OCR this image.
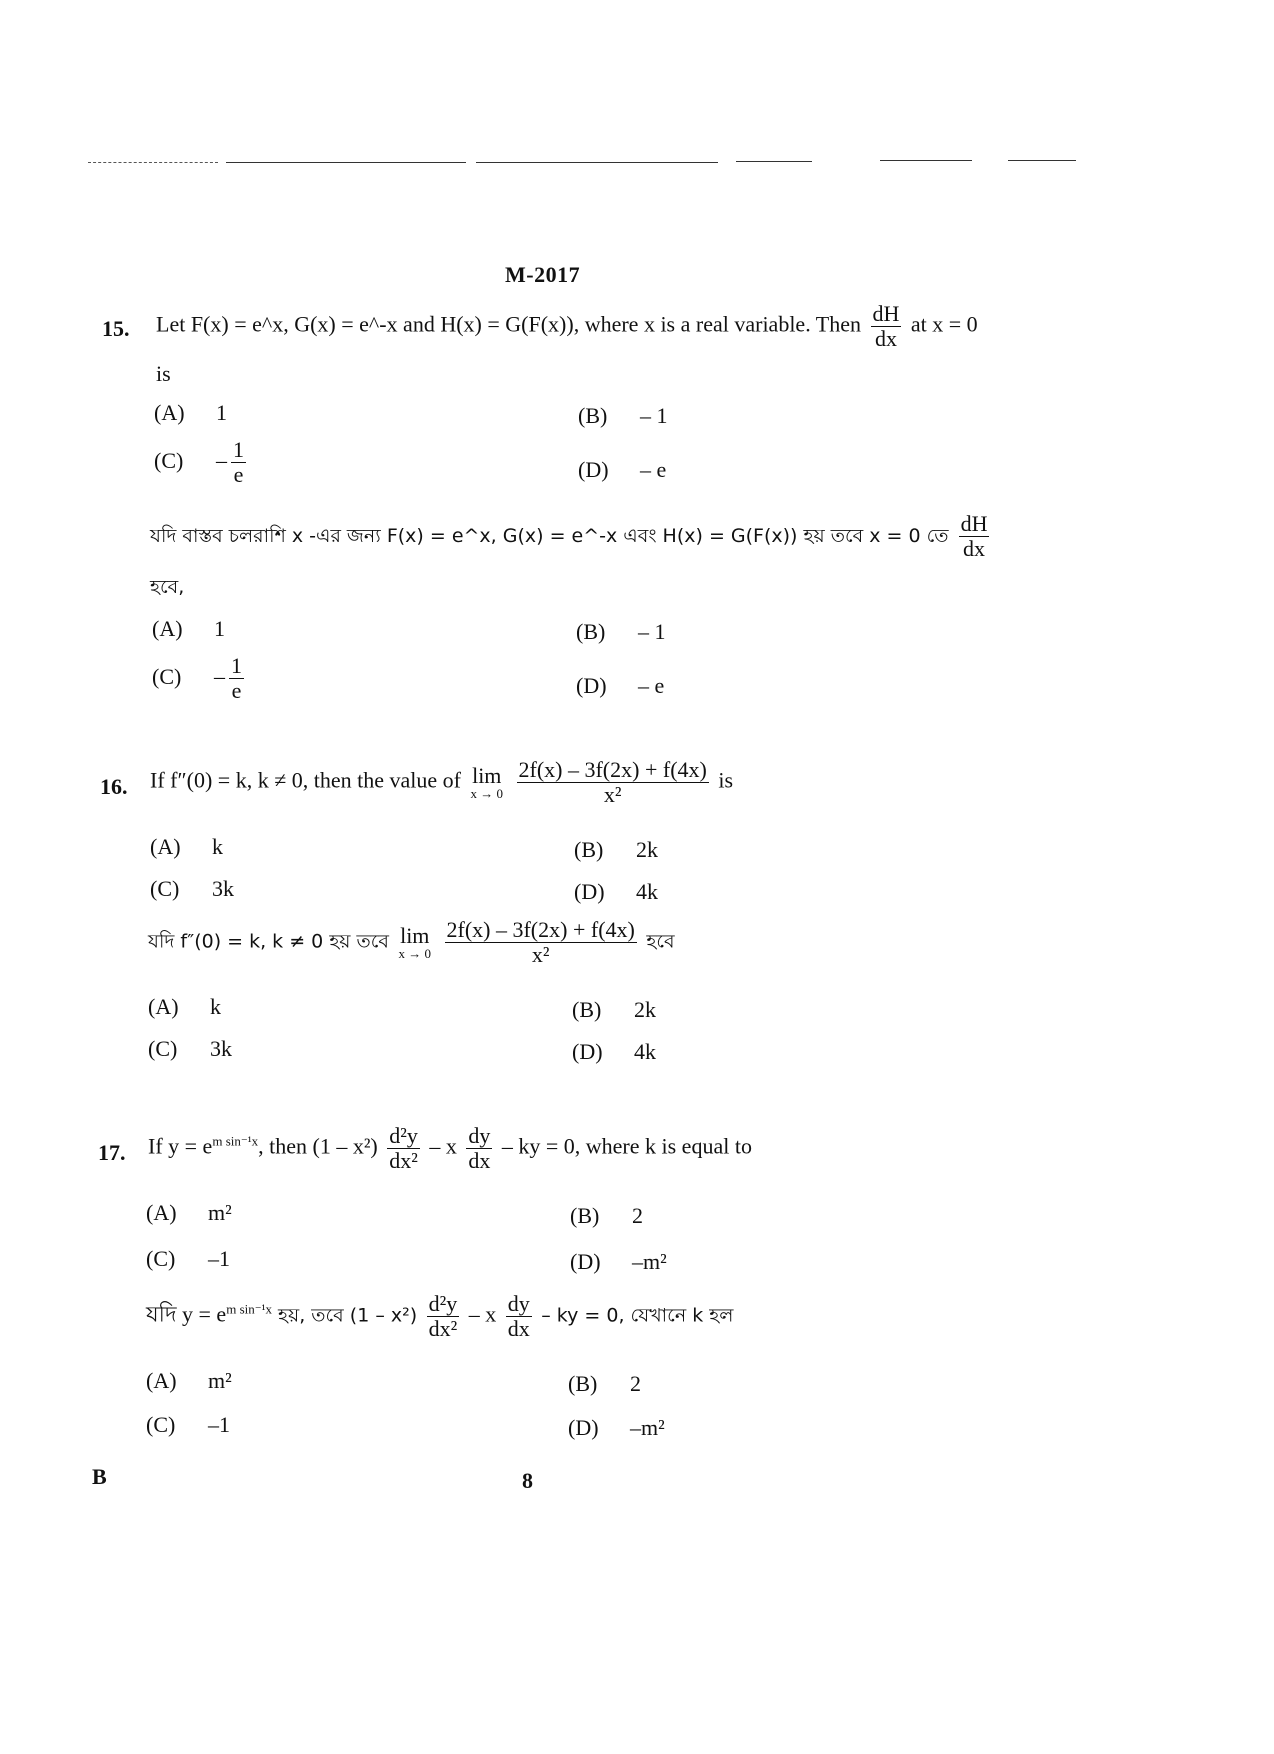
M-2017
15. Let F(x) = e^x, G(x) = e^-x and H(x) = G(F(x)), where x is a real variable. Then $\frac{dH}{dx}$ at x = 0
is
(A) 1	(B) – 1
$(C) - \frac{1}{e}$	(D) – e
যদি বাস্তব চলরাশি x -এর জন্য F(x) = e^x, G(x) = e^-x এবং H(x) = G(F(x)) হয় তবে x = 0 তে $\frac{dH}{dx}$
হবে,
(A) 1	(B) – 1
$(C) - \frac{1}{e}$	(D) – e
16. If f″(0) = k, k ≠ 0, then the value of lim
x → 0
$\frac{2f(x) - 3f(2x) + f(4x)}{\text{x²}}$ is
(A) k	(B) 2k
(C) 3k	(D) 4k
যদি f″(0) = k, k ≠ 0 হয় তবে lim
x → 0
$\frac{2f(x) - 3f(2x) + f(4x)}{\text{x²}}$ হবে
(A) k	(B) 2k
(C) 3k	(D) 4k
17. If $y = e^{m sin^{-1}x}$, then $(1 - x^2) \frac{\text{d²y}}{\text{dx²}}$ – x $\frac{dy}{dx}$ – ky = 0, where k is equal to
(A) m²	(B) 2
(C) –1	(D) –m²
যদি $y = e^{m sin^{-1}x}$ হয়, তবে $(1 - x^2) \frac{\text{d²y}}{\text{dx²}}$ – x $\frac{dy}{dx}$ – ky = 0, যেখানে k হল
(A) m²	(B) 2
(C) –1	(D) –m²
B	8
